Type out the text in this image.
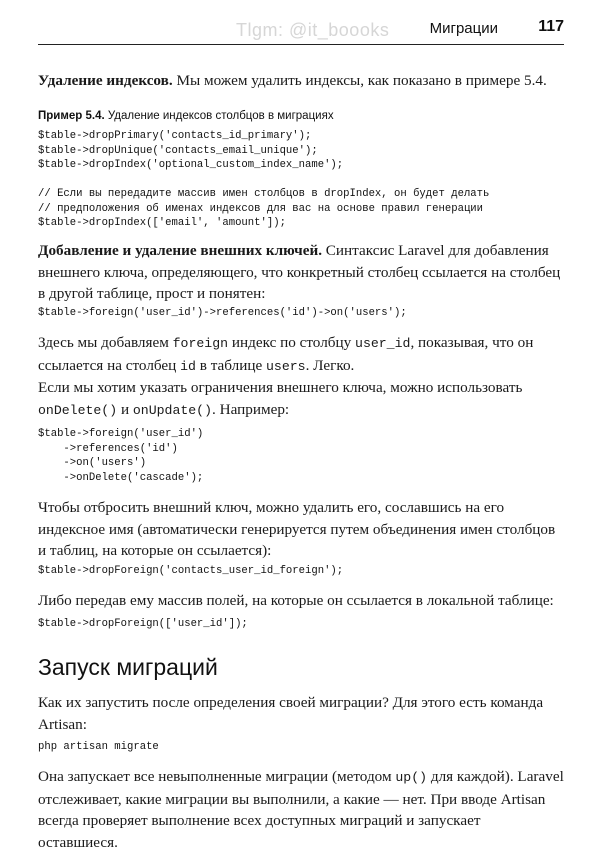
Tlgm: @it_boooks	Миграции	117

Удаление индексов. Мы можем удалить индексы, как показано в примере 5.4.

Пример 5.4. Удаление индексов столбцов в миграциях
$table->dropPrimary('contacts_id_primary');
$table->dropUnique('contacts_email_unique');
$table->dropIndex('optional_custom_index_name');

// Если вы передадите массив имен столбцов в dropIndex, он будет делать
// предположения об именах индексов для вас на основе правил генерации
$table->dropIndex(['email', 'amount']);

Добавление и удаление внешних ключей. Синтаксис Laravel для добавления внешнего ключа, определяющего, что конкретный столбец ссылается на столбец в другой таблице, прост и понятен:

$table->foreign('user_id')->references('id')->on('users');

Здесь мы добавляем foreign индекс по столбцу user_id, показывая, что он ссылается на столбец id в таблице users. Легко.

Если мы хотим указать ограничения внешнего ключа, можно использовать onDelete() и onUpdate(). Например:

$table->foreign('user_id')
->references('id')
->on('users')
->onDelete('cascade');

Чтобы отбросить внешний ключ, можно удалить его, сославшись на его индексное имя (автоматически генерируется путем объединения имен столбцов и таблиц, на которые он ссылается):

$table->dropForeign('contacts_user_id_foreign');

Либо передав ему массив полей, на которые он ссылается в локальной таблице:

$table->dropForeign(['user_id']);
Запуск миграций

Как их запустить после определения своей миграции? Для этого есть команда Artisan:

php artisan migrate

Она запускает все невыполненные миграции (методом up() для каждой). Laravel отслеживает, какие миграции вы выполнили, а какие — нет. При вводе Artisan всегда проверяет выполнение всех доступных миграций и запускает оставшиеся.
